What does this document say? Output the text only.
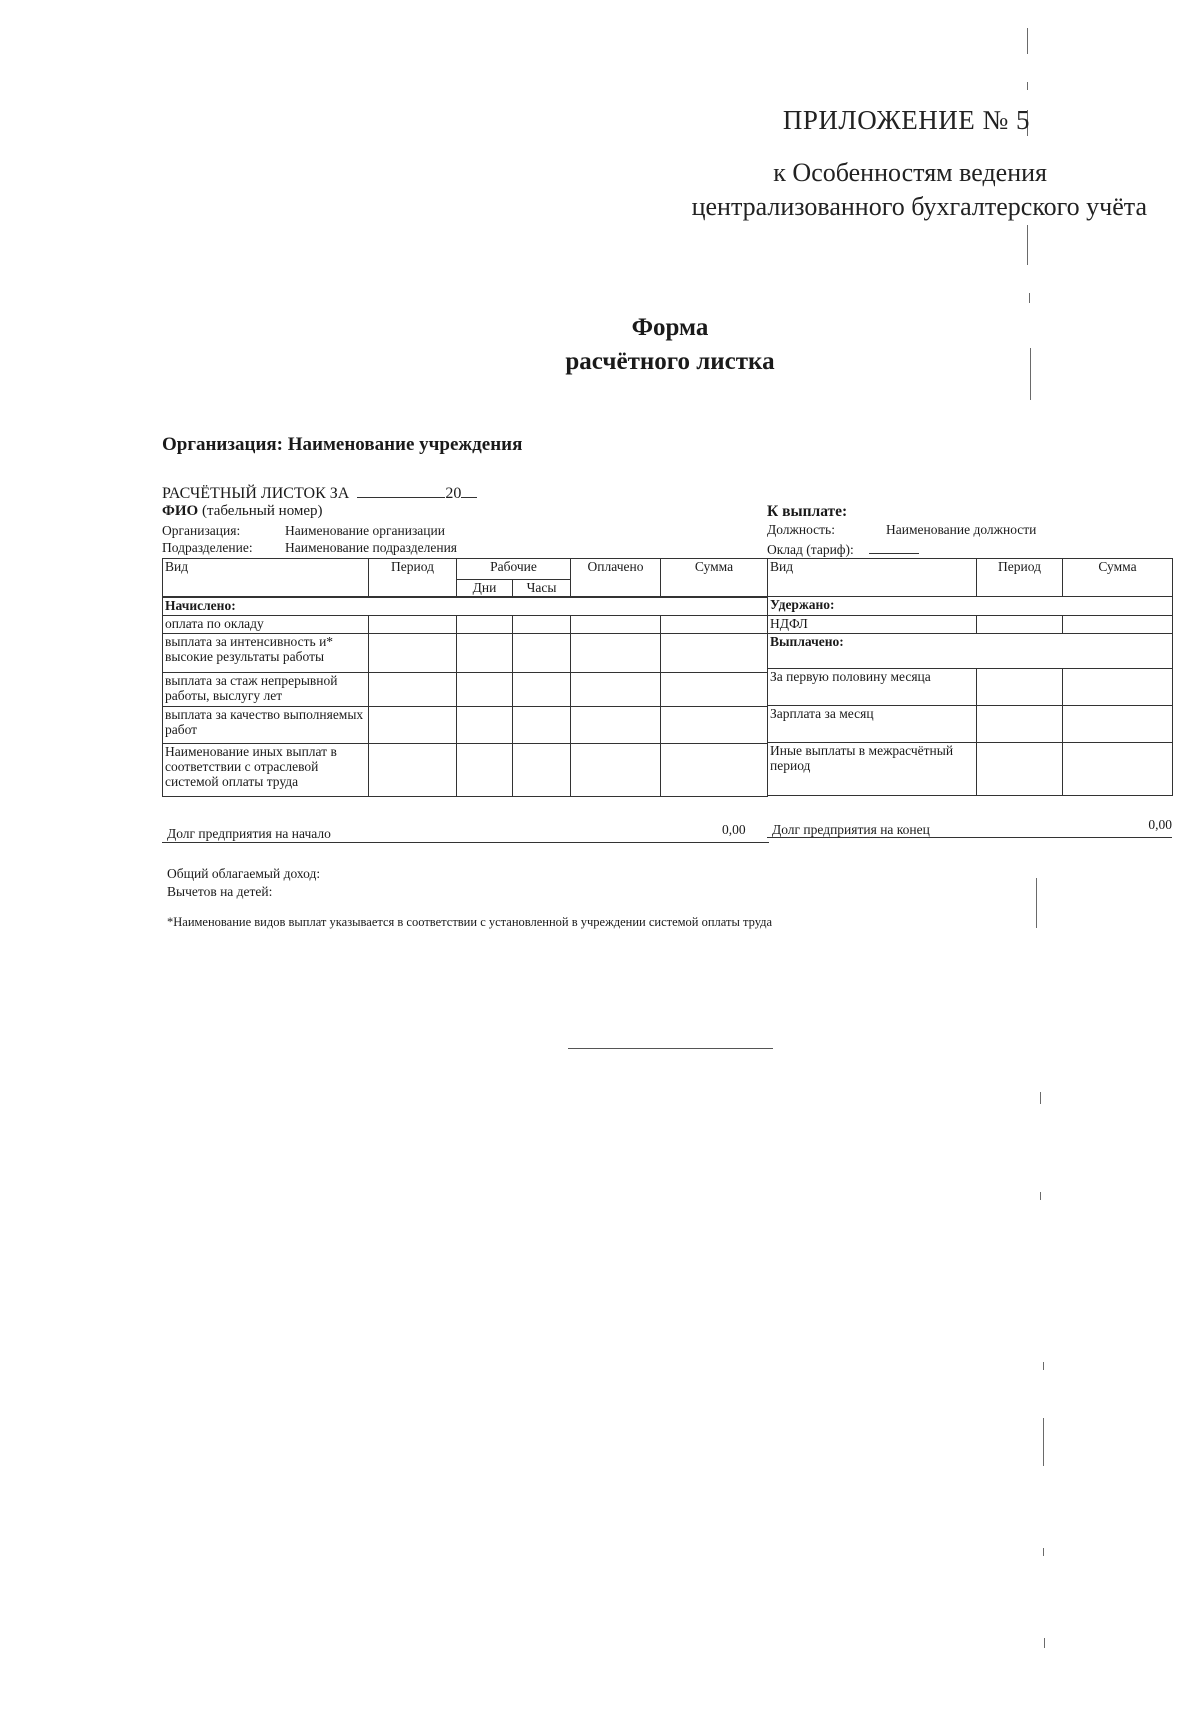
ПРИЛОЖЕНИЕ № 5
к Особенностям ведения
централизованного бухгалтерского учёта
Форма
расчётного листка
Организация: Наименование учреждения
РАСЧЁТНЫЙ ЛИСТОК ЗА	20
ФИО (табельный номер)
Организация:	Наименование организации
Подразделение: Наименование подразделения
К выплате:
Должность:	Наименование должности
Оклад (тариф):
Вид	Период	Рабочие		Оплачено	Сумма
		Дни	Часы		
Начислено:					
оплата по окладу					
выплата за интенсивность и* высокие результаты работы					
выплата за стаж непрерывной работы, выслугу лет					
выплата за качество выполняемых работ					
Наименование иных выплат в соответствии с отраслевой системой оплаты труда					
Вид	Период	Сумма
Удержано:		
НДФЛ		
Выплачено:		
За первую половину месяца		
Зарплата за месяц		
Иные выплаты в межрасчётный период		
Долг предприятия на начало	0,00 Долг предприятия на конец	0,00
Общий облагаемый доход:
Вычетов на детей:
*Наименование видов выплат указывается в соответствии с установленной в учреждении системой оплаты труда
